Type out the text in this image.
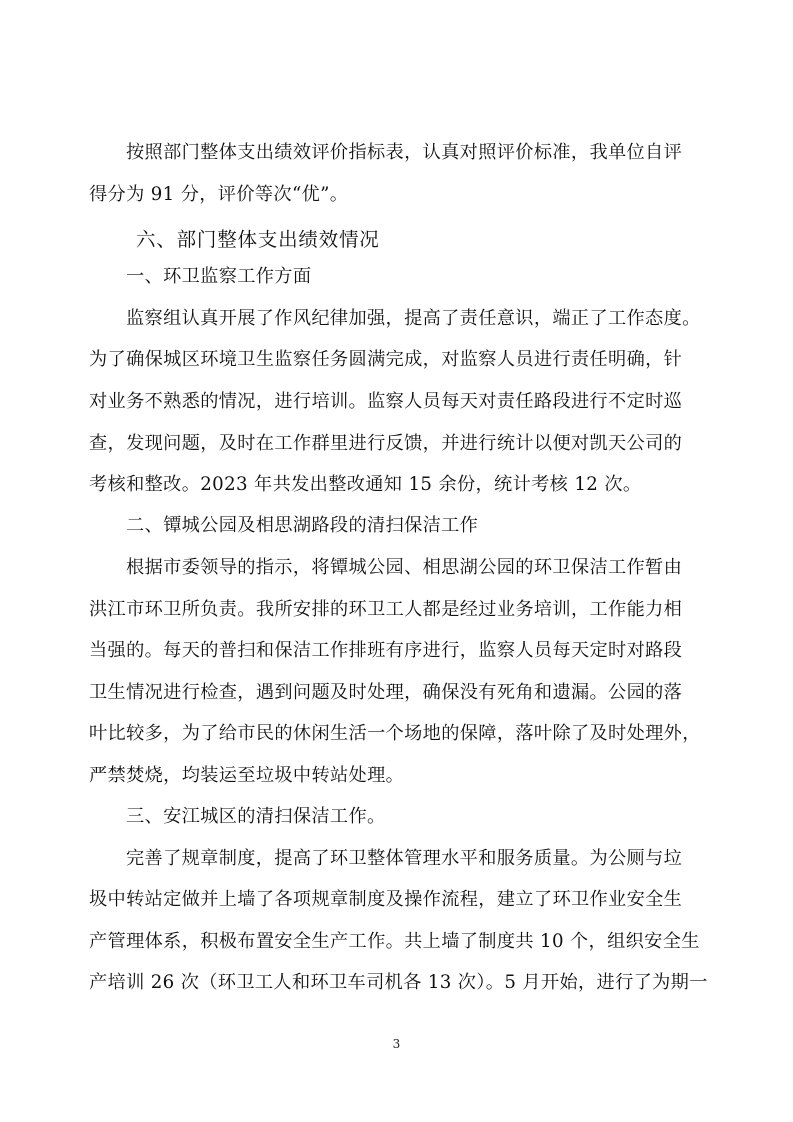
按照部门整体支出绩效评价指标表，认真对照评价标准，我单位自评
得分为 91 分，评价等次“优”。
六、部门整体支出绩效情况
一、环卫监察工作方面
监察组认真开展了作风纪律加强，提高了责任意识，端正了工作态度。
为了确保城区环境卫生监察任务圆满完成，对监察人员进行责任明确，针
对业务不熟悉的情况，进行培训。监察人员每天对责任路段进行不定时巡
查，发现问题，及时在工作群里进行反馈，并进行统计以便对凯天公司的
考核和整改。2023 年共发出整改通知 15 余份，统计考核 12 次。
二、镡城公园及相思湖路段的清扫保洁工作
根据市委领导的指示，将镡城公园、相思湖公园的环卫保洁工作暂由
洪江市环卫所负责。我所安排的环卫工人都是经过业务培训，工作能力相
当强的。每天的普扫和保洁工作排班有序进行，监察人员每天定时对路段
卫生情况进行检查，遇到问题及时处理，确保没有死角和遗漏。公园的落
叶比较多，为了给市民的休闲生活一个场地的保障，落叶除了及时处理外，
严禁焚烧，均装运至垃圾中转站处理。
三、安江城区的清扫保洁工作。
完善了规章制度，提高了环卫整体管理水平和服务质量。为公厕与垃
圾中转站定做并上墙了各项规章制度及操作流程，建立了环卫作业安全生
产管理体系，积极布置安全生产工作。共上墙了制度共 10 个，组织安全生
产培训 26 次（环卫工人和环卫车司机各 13 次）。5 月开始，进行了为期一
3
